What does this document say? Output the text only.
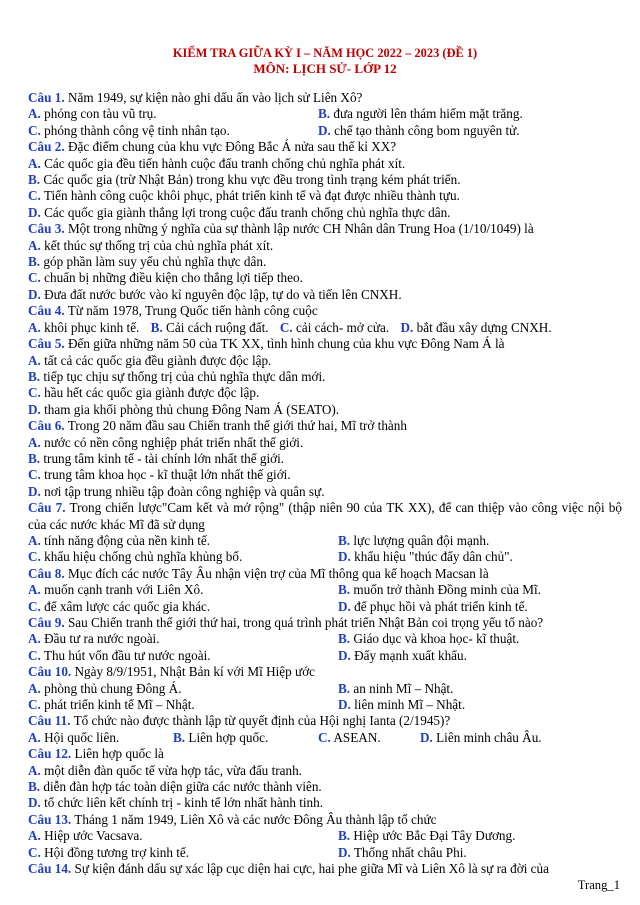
KIỂM TRA GIỮA KỲ I – NĂM HỌC 2022 – 2023 (ĐỀ 1)
MÔN: LỊCH SỬ- LỚP 12
Câu 1. Năm 1949, sự kiện nào ghi dấu ấn vào lịch sử Liên Xô?
A. phóng con tàu vũ trụ.	B. đưa người lên thám hiểm mặt trăng.
C. phóng thành công vệ tinh nhân tạo.	D. chế tạo thành công bom nguyên tử.
Câu 2. Đặc điểm chung của khu vực Đông Bắc Á nửa sau thế kỉ XX?
A. Các quốc gia đều tiến hành cuộc đấu tranh chống chủ nghĩa phát xít.
B. Các quốc gia (trừ Nhật Bản) trong khu vực đều trong tình trạng kém phát triển.
C. Tiến hành công cuộc khôi phục, phát triển kinh tế và đạt được nhiều thành tựu.
D. Các quốc gia giành thắng lợi trong cuộc đấu tranh chống chủ nghĩa thực dân.
Câu 3. Một trong những ý nghĩa của sự thành lập nước CH Nhân dân Trung Hoa (1/10/1049) là
A. kết thúc sự thống trị của chủ nghĩa phát xít.
B. góp phần làm suy yếu chủ nghĩa thực dân.
C. chuẩn bị những điều kiện cho thắng lợi tiếp theo.
D. Đưa đất nước bước vào kỉ nguyên độc lập, tự do và tiến lên CNXH.
Câu 4. Từ năm 1978, Trung Quốc tiến hành công cuộc
A. khôi phục kinh tế. B. Cải cách ruộng đất. C. cải cách- mở cửa. D. bắt đầu xây dựng CNXH.
Câu 5. Đến giữa những năm 50 của TK XX, tình hình chung của khu vực Đông Nam Á là
A. tất cả các quốc gia đều giành được độc lập.
B. tiếp tục chịu sự thống trị của chủ nghĩa thực dân mới.
C. hầu hết các quốc gia giành được độc lập.
D. tham gia khối phòng thủ chung Đông Nam Á (SEATO).
Câu 6. Trong 20 năm đầu sau Chiến tranh thế giới thứ hai, Mĩ trở thành
A. nước có nền công nghiệp phát triển nhất thế giới.
B. trung tâm kinh tế - tài chính lớn nhất thế giới.
C. trung tâm khoa học - kĩ thuật lớn nhất thế giới.
D. nơi tập trung nhiều tập đoàn công nghiệp và quân sự.
Câu 7. Trong chiến lược"Cam kết và mở rộng" (thập niên 90 của TK XX), để can thiệp vào công việc nội bộ của các nước khác Mĩ đã sử dụng
A. tính năng động của nền kinh tế.	B. lực lượng quân đội mạnh.
C. khẩu hiệu chống chủ nghĩa khủng bố.	D. khẩu hiệu "thúc đẩy dân chủ".
Câu 8. Mục đích các nước Tây Âu nhận viện trợ của Mĩ thông qua kế hoạch Macsan là
A. muốn cạnh tranh với Liên Xô.	B. muốn trở thành Đồng minh của Mĩ.
C. để xâm lược các quốc gia khác.	D. để phục hồi và phát triển kinh tế.
Câu 9. Sau Chiến tranh thế giới thứ hai, trong quá trình phát triển Nhật Bản coi trọng yếu tố nào?
A. Đầu tư ra nước ngoài.	B. Giáo dục và khoa học- kĩ thuật.
C. Thu hút vốn đầu tư nước ngoài.	D. Đẩy mạnh xuất khẩu.
Câu 10. Ngày 8/9/1951, Nhật Bản kí với Mĩ Hiệp ước
A. phòng thủ chung Đông Á.	B. an ninh Mĩ – Nhật.
C. phát triển kinh tế Mĩ – Nhật.	D. liên minh Mĩ – Nhật.
Câu 11. Tổ chức nào được thành lập từ quyết định của Hội nghị Ianta (2/1945)?
A. Hội quốc liên.	B. Liên hợp quốc.	C. ASEAN.	D. Liên minh châu Âu.
Câu 12. Liên hợp quốc là
A. một diễn đàn quốc tế vừa hợp tác, vừa đấu tranh.
B. diễn đàn hợp tác toàn diện giữa các nước thành viên.
D. tổ chức liên kết chính trị - kinh tế lớn nhất hành tinh.
Câu 13. Tháng 1 năm 1949, Liên Xô và các nước Đông Âu thành lập tổ chức
A. Hiệp ước Vacsava.	B. Hiệp ước Bắc Đại Tây Dương.
C. Hội đồng tương trợ kinh tế.	D. Thống nhất châu Phi.
Câu 14. Sự kiện đánh dấu sự xác lập cục diện hai cực, hai phe giữa Mĩ và Liên Xô là sự ra đời của
Trang_1
